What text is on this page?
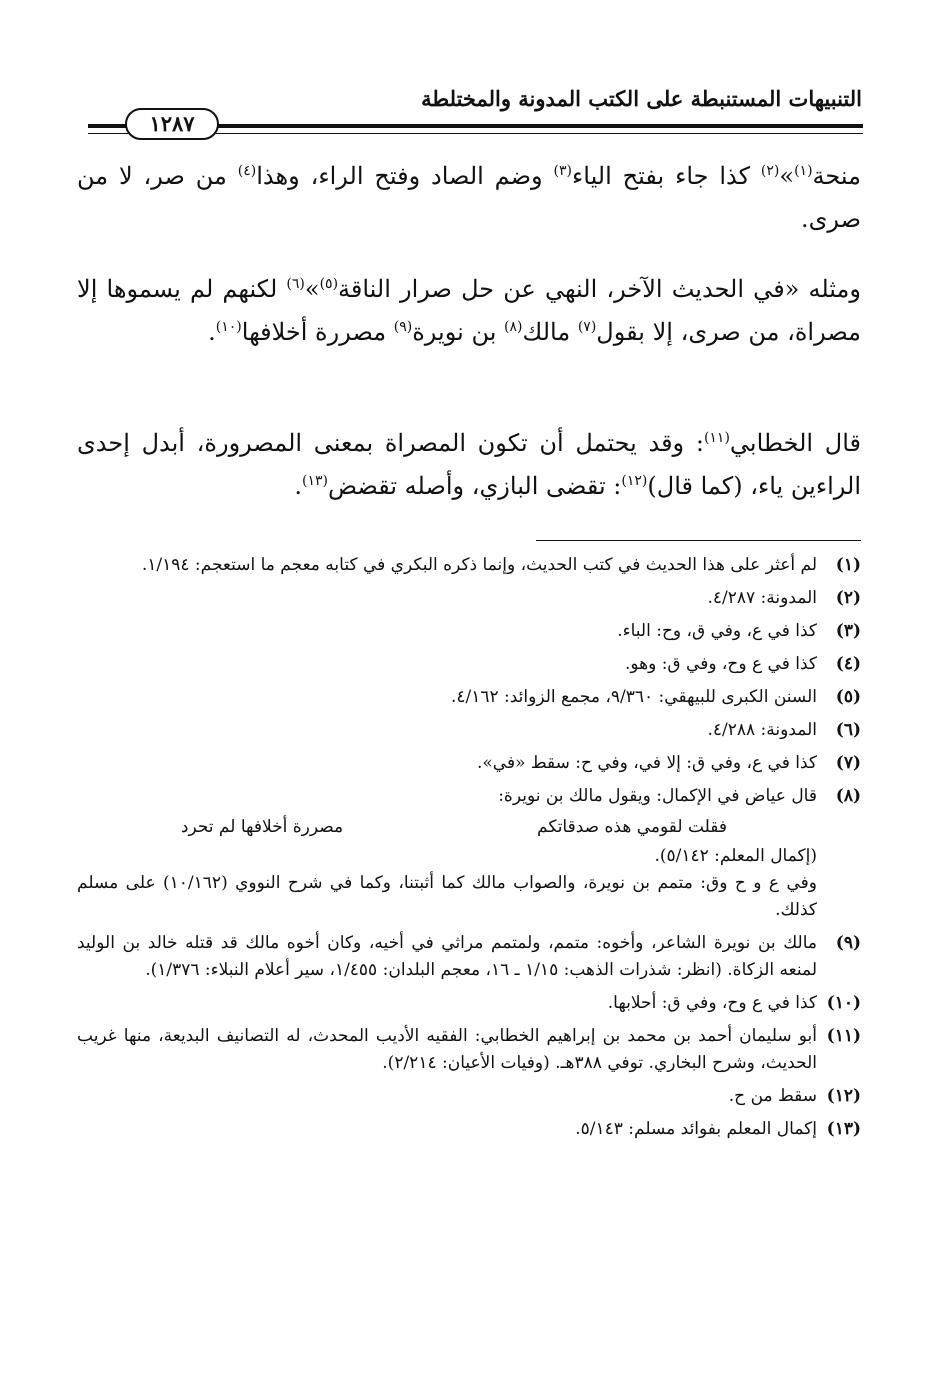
التنبيهات المستنبطة على الكتب المدونة والمختلطة
١٢٨٧

منحة$^{(١)}$»$^{(٢)}$ كذا جاء بفتح الياء$^{(٣)}$ وضم الصاد وفتح الراء، وهذا$^{(٤)}$ من صر، لا من صرى.

ومثله «في الحديث الآخر، النهي عن حل صرار الناقة$^{(٥)}$»$^{(٦)}$ لكنهم لم يسموها إلا مصراة، من صرى، إلا بقول$^{(٧)}$ مالك$^{(٨)}$ بن نويرة$^{(٩)}$ مصررة أخلافها$^{(١٠)}$.

قال الخطابي$^{(١١)}$: وقد يحتمل أن تكون المصراة بمعنى المصرورة، أبدل إحدى الراءين ياء، (كما قال)$^{(١٢)}$: تقضى البازي، وأصله تقضض$^{(١٣)}$.

(١)
لم أعثر على هذا الحديث في كتب الحديث، وإنما ذكره البكري في كتابه معجم ما استعجم: ١/١٩٤.
(٢)
المدونة: ٤/٢٨٧.
(٣)
كذا في ع، وفي ق، وح: الباء.
(٤)
كذا في ع وح، وفي ق: وهو.
(٥)
السنن الكبرى للبيهقي: ٩/٣٦٠، مجمع الزوائد: ٤/١٦٢.
(٦)
المدونة: ٤/٢٨٨.
(٧)
كذا في ع، وفي ق: إلا في، وفي ح: سقط «في».
(٨)
قال عياض في الإكمال: ويقول مالك بن نويرة:
فقلت لقومي هذه صدقاتكممصررة أخلافها لم تحرد
(إكمال المعلم: ٥/١٤٢).
وفي ع و ح وق: متمم بن نويرة، والصواب مالك كما أثبتنا، وكما في شرح النووي (١٠/١٦٢) على مسلم كذلك.
(٩)
مالك بن نويرة الشاعر، وأخوه: متمم، ولمتمم مراثي في أخيه، وكان أخوه مالك قد قتله خالد بن الوليد لمنعه الزكاة. (انظر: شذرات الذهب: ١/١٥ ـ ١٦، معجم البلدان: ١/٤٥٥، سير أعلام النبلاء: ١/٣٧٦).
(١٠)
كذا في ع وح، وفي ق: أحلابها.
(١١)
أبو سليمان أحمد بن محمد بن إبراهيم الخطابي: الفقيه الأديب المحدث، له التصانيف البديعة، منها غريب الحديث، وشرح البخاري. توفي ٣٨٨هـ. (وفيات الأعيان: ٢/٢١٤).
(١٢)
سقط من ح.
(١٣)
إكمال المعلم بفوائد مسلم: ٥/١٤٣.
